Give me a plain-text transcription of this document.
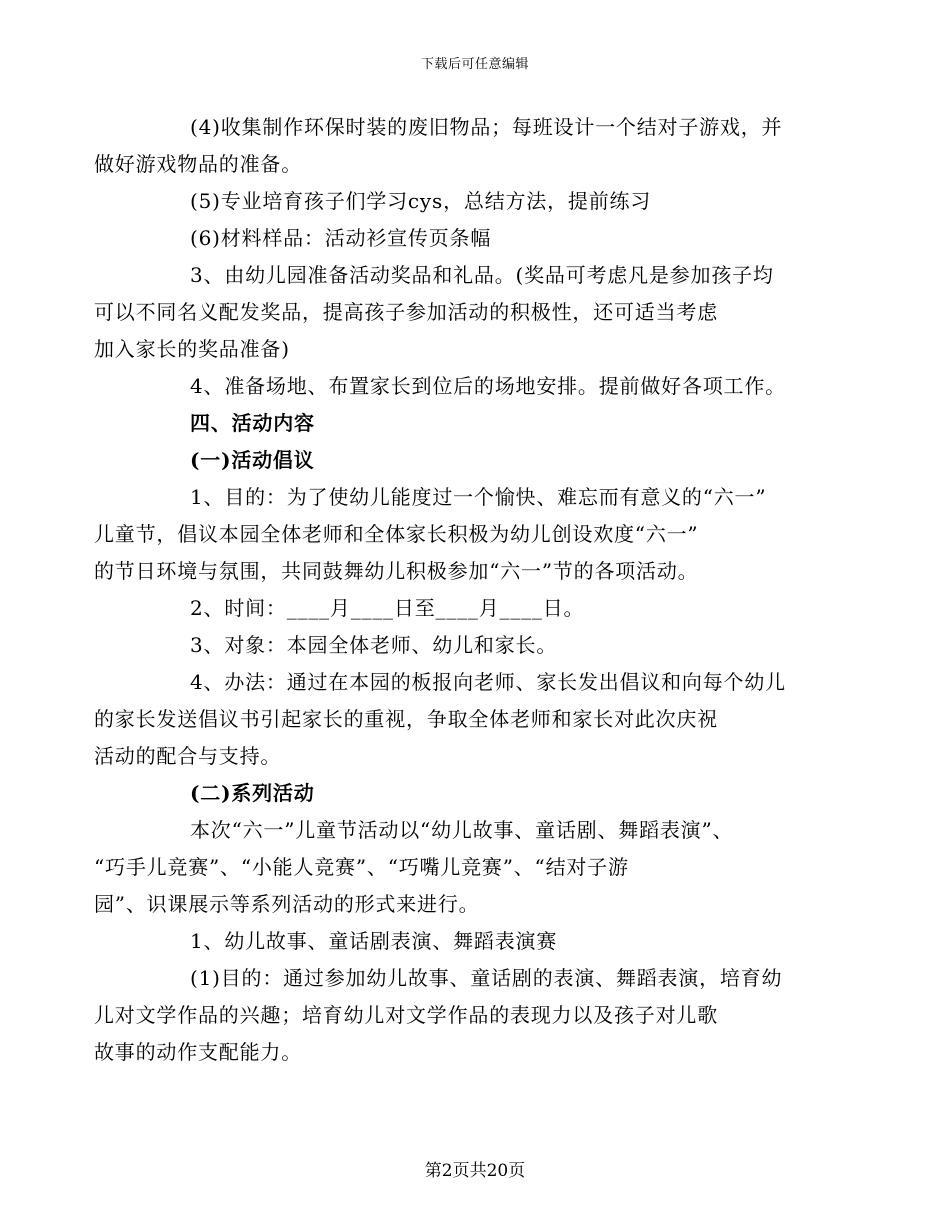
下载后可任意编辑

(4)收集制作环保时装的废旧物品；每班设计一个结对子游戏，并
做好游戏物品的准备。

(5)专业培育孩子们学习cys，总结方法，提前练习

(6)材料样品：活动衫宣传页条幅

3、由幼儿园准备活动奖品和礼品。(奖品可考虑凡是参加孩子均
可以不同名义配发奖品，提高孩子参加活动的积极性，还可适当考虑
加入家长的奖品准备)

4、准备场地、布置家长到位后的场地安排。提前做好各项工作。

四、活动内容

(一)活动倡议

1、目的：为了使幼儿能度过一个愉快、难忘而有意义的“六一”
儿童节，倡议本园全体老师和全体家长积极为幼儿创设欢度“六一”
的节日环境与氛围，共同鼓舞幼儿积极参加“六一”节的各项活动。

2、时间：____月____日至____月____日。

3、对象：本园全体老师、幼儿和家长。

4、办法：通过在本园的板报向老师、家长发出倡议和向每个幼儿
的家长发送倡议书引起家长的重视，争取全体老师和家长对此次庆祝
活动的配合与支持。

(二)系列活动

本次“六一”儿童节活动以“幼儿故事、童话剧、舞蹈表演”、
“巧手儿竞赛”、“小能人竞赛”、“巧嘴儿竞赛”、“结对子游
园”、识课展示等系列活动的形式来进行。

1、幼儿故事、童话剧表演、舞蹈表演赛

(1)目的：通过参加幼儿故事、童话剧的表演、舞蹈表演，培育幼
儿对文学作品的兴趣；培育幼儿对文学作品的表现力以及孩子对儿歌
故事的动作支配能力。

第2页共20页
